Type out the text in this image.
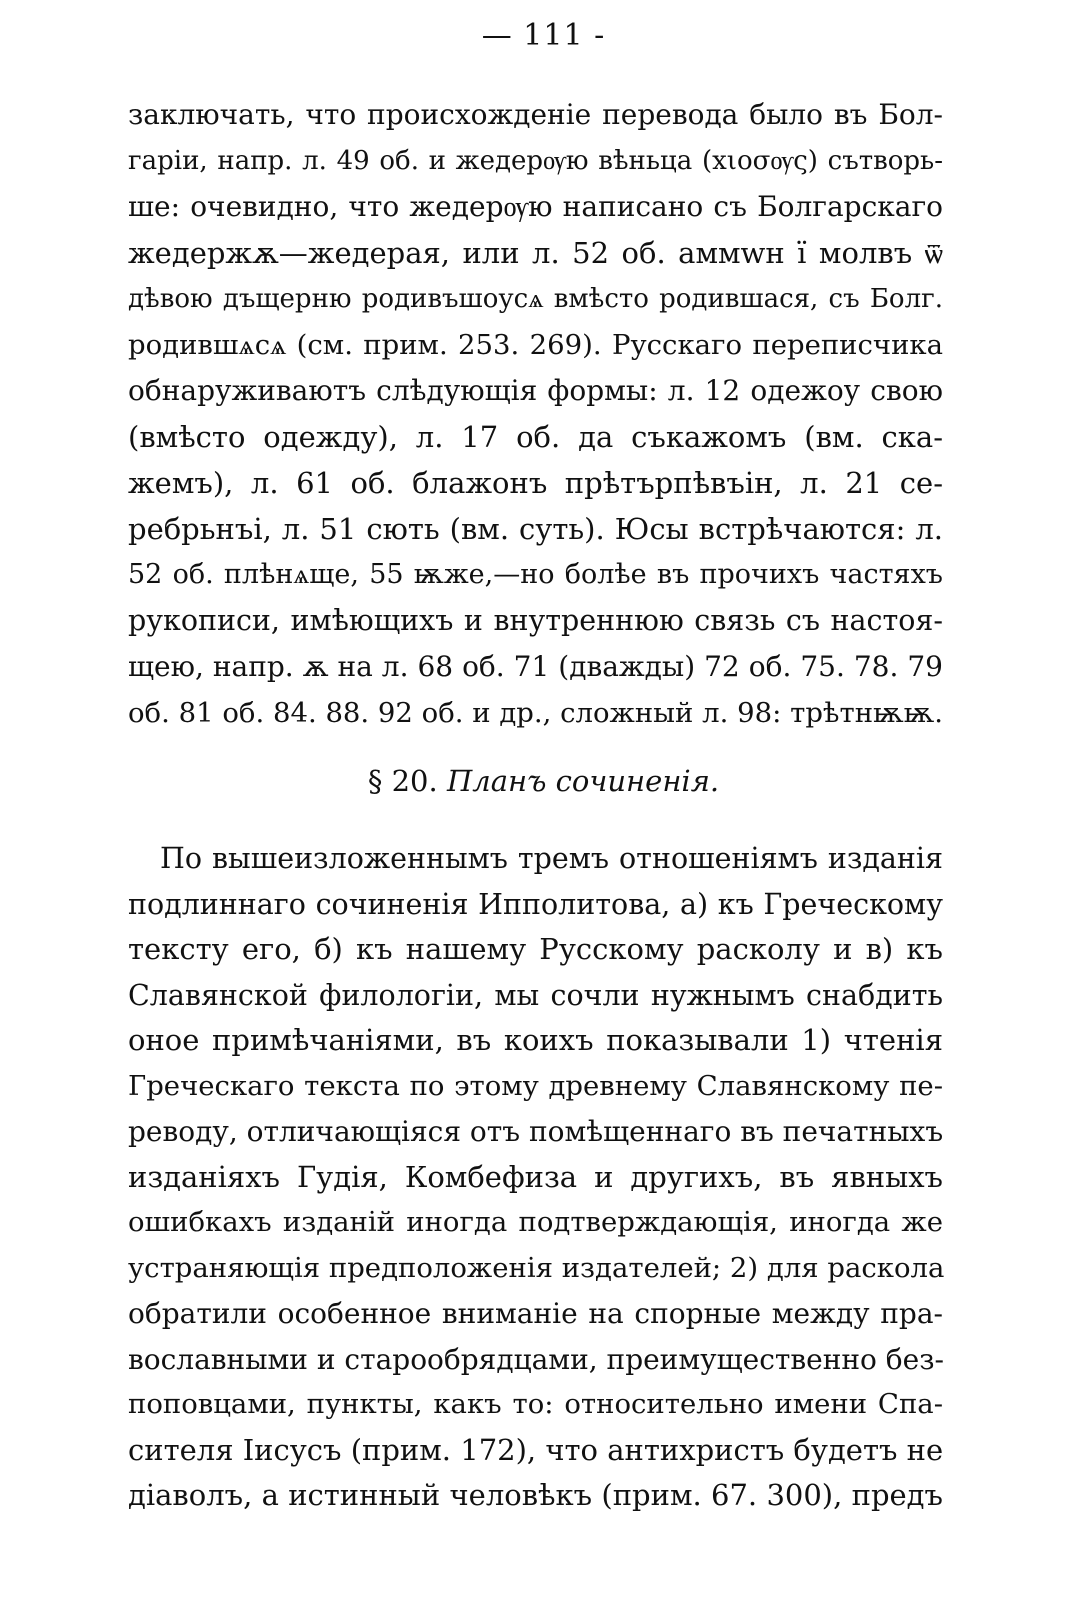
— 111 -
заключать, что происхожденіе перевода было въ Бол-
гаріи, напр. л. 49 об. и жедерѹю вѣньца (хιοσѹς) сътворь-
ше: очевидно, что жедерѹю написано съ Болгарскаго
жедержѫ—жедерая, или л. 52 об. аммwн ї молвъ ѿ
дѣвою дъщерню родивъшоусѧ вмѣсто родившася, съ Болг.
родившѧсѧ (см. прим. 253. 269). Русскаго переписчика
обнаруживаютъ слѣдующія формы: л. 12 одежоу свою
(вмѣсто одежду), л. 17 об. да съкажомъ (вм. ска-
жемъ), л. 61 об. блажонъ прѣтърпѣвъін, л. 21 се-
ребрьнъі, л. 51 сють (вм. суть). Юсы встрѣчаются: л.
52 об. плѣнѧще, 55 ѭже,—но болѣе въ прочихъ частяхъ
рукописи, имѣющихъ и внутреннюю связь съ настоя-
щею, напр. ѫ на л. 68 об. 71 (дважды) 72 об. 75. 78. 79
об. 81 об. 84. 88. 92 об. и др., сложный л. 98: трѣтнѭѭ.
§ 20. Планъ сочиненія.
По вышеизложеннымъ тремъ отношеніямъ изданія
подлиннаго сочиненія Ипполитова, а) къ Греческому
тексту его, б) къ нашему Русскому расколу и в) къ
Славянской филологіи, мы сочли нужнымъ снабдить
оное примѣчаніями, въ коихъ показывали 1) чтенія
Греческаго текста по этому древнему Славянскому пе-
реводу, отличающіяся отъ помѣщеннаго въ печатныхъ
изданіяхъ Гудія, Комбефиза и другихъ, въ явныхъ
ошибкахъ изданій иногда подтверждающія, иногда же
устраняющія предположенія издателей; 2) для раскола
обратили особенное вниманіе на спорные между пра-
вославными и старообрядцами, преимущественно без-
поповцами, пункты, какъ то: относительно имени Спа-
сителя Іисусъ (прим. 172), что антихристъ будетъ не
діаволъ, а истинный человѣкъ (прим. 67. 300), предъ
